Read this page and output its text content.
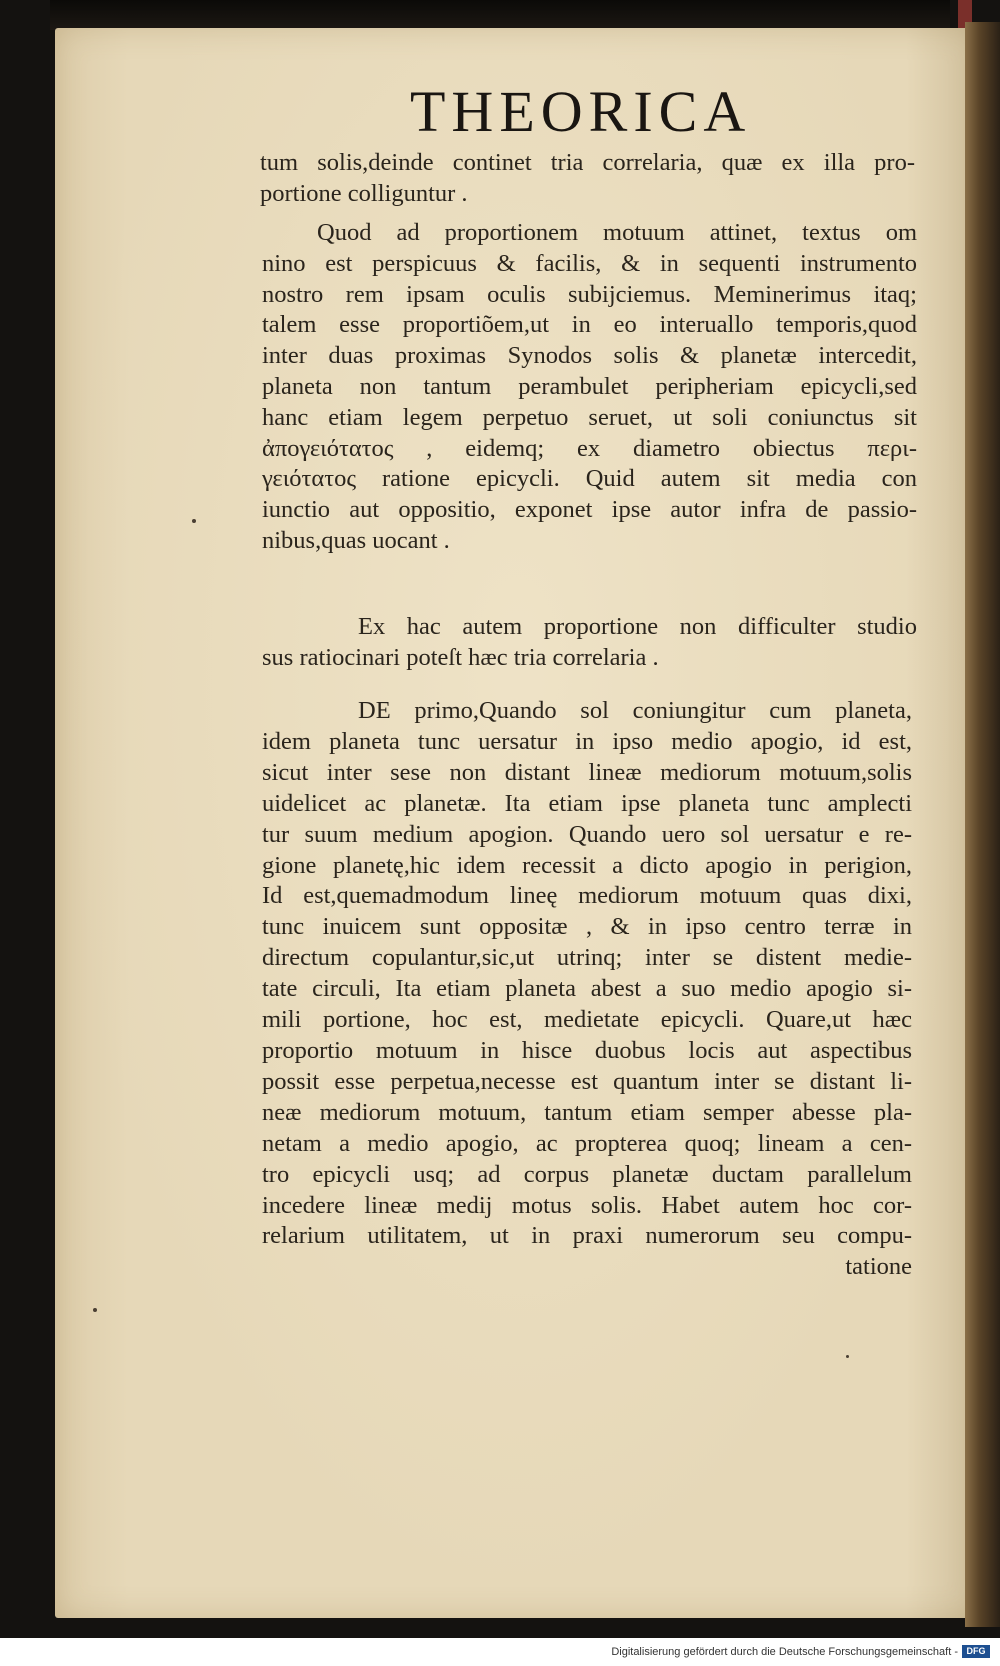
THEORICA
tum solis,deinde continet tria correlaria, quæ ex illa pro-
portione colliguntur .
Quod ad proportionem motuum attinet, textus om
nino est perspicuus & facilis, & in sequenti instrumento
nostro rem ipsam oculis subijciemus. Meminerimus itaq;
talem esse proportiõem,ut in eo interuallo temporis,quod
inter duas proximas Synodos solis & planetæ intercedit,
planeta non tantum perambulet peripheriam epicycli,sed
hanc etiam legem perpetuo seruet, ut soli coniunctus sit
ἀπογειότατος , eidemq; ex diametro obiectus περι-
γειότατος ratione epicycli. Quid autem sit media con
iunctio aut oppositio, exponet ipse autor infra de passio-
nibus,quas uocant .
Ex hac autem proportione non difficulter studio
sus ratiocinari poteſt hæc tria correlaria .
DE primo,Quando sol coniungitur cum planeta,
idem planeta tunc uersatur in ipso medio apogio, id est,
sicut inter sese non distant lineæ mediorum motuum,solis
uidelicet ac planetæ. Ita etiam ipse planeta tunc amplecti
tur suum medium apogion. Quando uero sol uersatur e re-
gione planetę,hic idem recessit a dicto apogio in perigion,
Id est,quemadmodum lineę mediorum motuum quas dixi,
tunc inuicem sunt oppositæ , & in ipso centro terræ in
directum copulantur,sic,ut utrinq; inter se distent medie-
tate circuli, Ita etiam planeta abest a suo medio apogio si-
mili portione, hoc est, medietate epicycli. Quare,ut hæc
proportio motuum in hisce duobus locis aut aspectibus
possit esse perpetua,necesse est quantum inter se distant li-
neæ mediorum motuum, tantum etiam semper abesse pla-
netam a medio apogio, ac propterea quoq; lineam a cen-
tro epicycli usq; ad corpus planetæ ductam parallelum
incedere lineæ medij motus solis. Habet autem hoc cor-
relarium utilitatem, ut in praxi numerorum seu compu-
tatione
Digitalisierung gefördert durch die Deutsche Forschungsgemeinschaft - DFG
